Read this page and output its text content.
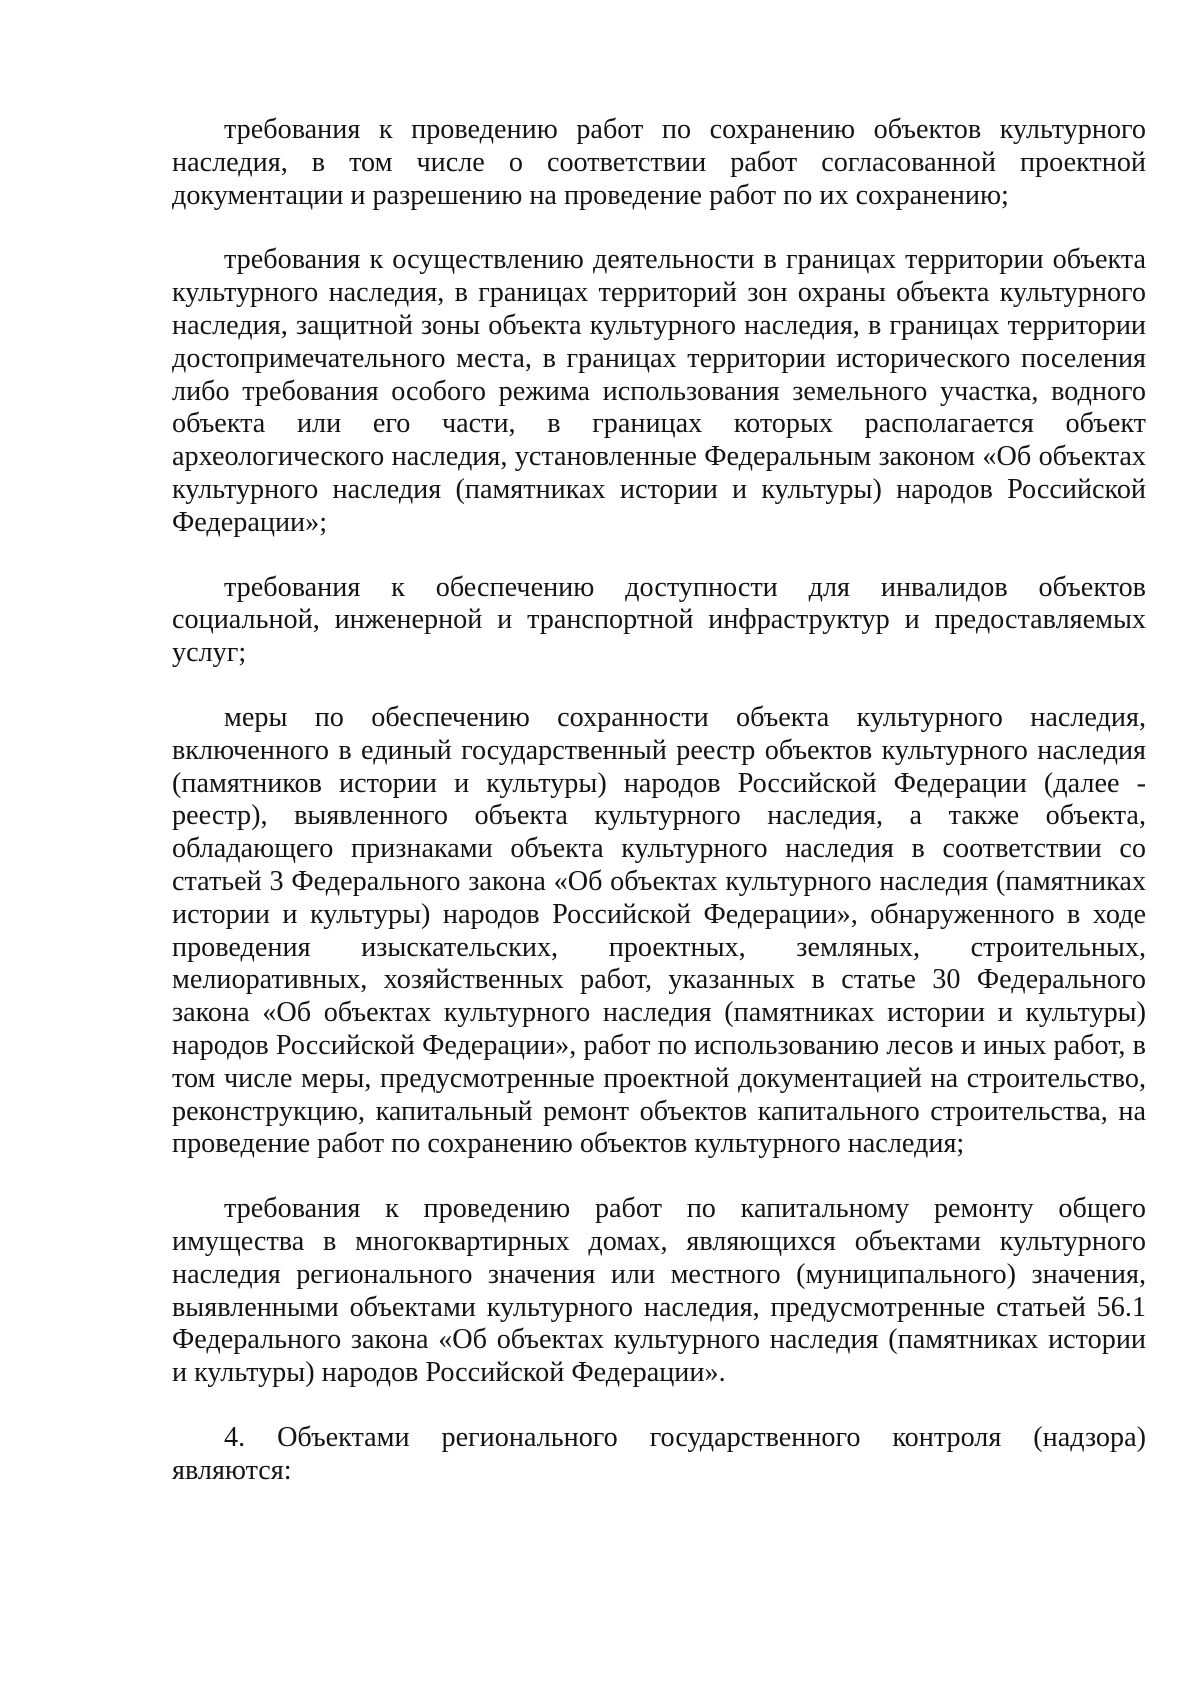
требования к проведению работ по сохранению объектов культурного наследия, в том числе о соответствии работ согласованной проектной документации и разрешению на проведение работ по их сохранению;

требования к осуществлению деятельности в границах территории объекта культурного наследия, в границах территорий зон охраны объекта культурного наследия, защитной зоны объекта культурного наследия, в границах территории достопримечательного места, в границах территории исторического поселения либо требования особого режима использования земельного участка, водного объекта или его части, в границах которых располагается объект археологического наследия, установленные Федеральным законом «Об объектах культурного наследия (памятниках истории и культуры) народов Российской Федерации»;

требования к обеспечению доступности для инвалидов объектов социальной, инженерной и транспортной инфраструктур и предоставляемых услуг;

меры по обеспечению сохранности объекта культурного наследия, включенного в единый государственный реестр объектов культурного наследия (памятников истории и культуры) народов Российской Федерации (далее - реестр), выявленного объекта культурного наследия, а также объекта, обладающего признаками объекта культурного наследия в соответствии со статьей 3 Федерального закона «Об объектах культурного наследия (памятниках истории и культуры) народов Российской Федерации», обнаруженного в ходе проведения изыскательских, проектных, земляных, строительных, мелиоративных, хозяйственных работ, указанных в статье 30 Федерального закона «Об объектах культурного наследия (памятниках истории и культуры) народов Российской Федерации», работ по использованию лесов и иных работ, в том числе меры, предусмотренные проектной документацией на строительство, реконструкцию, капитальный ремонт объектов капитального строительства, на проведение работ по сохранению объектов культурного наследия;

требования к проведению работ по капитальному ремонту общего имущества в многоквартирных домах, являющихся объектами культурного наследия регионального значения или местного (муниципального) значения, выявленными объектами культурного наследия, предусмотренные статьей 56.1 Федерального закона «Об объектах культурного наследия (памятниках истории и культуры) народов Российской Федерации».

4. Объектами регионального государственного контроля (надзора) являются:
